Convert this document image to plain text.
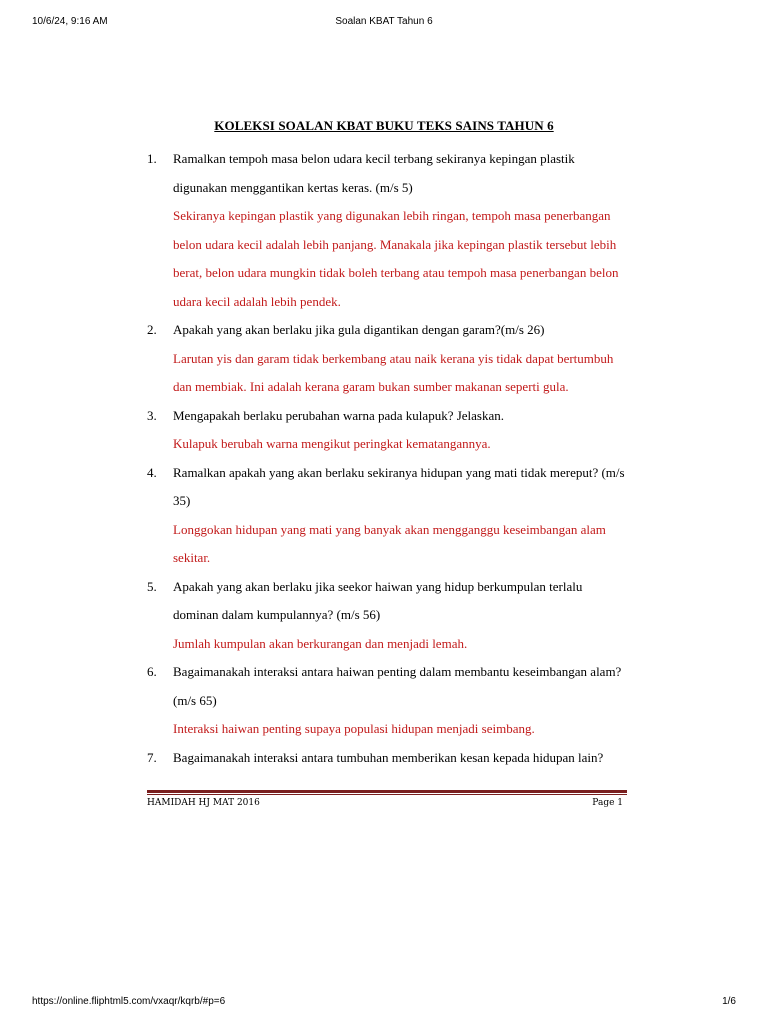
10/6/24, 9:16 AM	Soalan KBAT Tahun 6
KOLEKSI SOALAN KBAT BUKU TEKS SAINS TAHUN 6
1. Ramalkan tempoh masa belon udara kecil terbang sekiranya kepingan plastik digunakan menggantikan kertas keras. (m/s 5)
Sekiranya kepingan plastik yang digunakan lebih ringan, tempoh masa penerbangan belon udara kecil adalah lebih panjang. Manakala jika kepingan plastik tersebut lebih berat, belon udara mungkin tidak boleh terbang atau tempoh masa penerbangan belon udara kecil adalah lebih pendek.
2. Apakah yang akan berlaku jika gula digantikan dengan garam?(m/s 26)
Larutan yis dan garam tidak berkembang atau naik kerana yis tidak dapat bertumbuh dan membiak. Ini adalah kerana garam bukan sumber makanan seperti gula.
3. Mengapakah berlaku perubahan warna pada kulapuk? Jelaskan.
Kulapuk berubah warna mengikut peringkat kematangannya.
4. Ramalkan apakah yang akan berlaku sekiranya hidupan yang mati tidak mereput? (m/s 35)
Longgokan hidupan yang mati yang banyak akan mengganggu keseimbangan alam sekitar.
5. Apakah yang akan berlaku jika seekor haiwan yang hidup berkumpulan terlalu dominan dalam kumpulannya? (m/s 56)
Jumlah kumpulan akan berkurangan dan menjadi lemah.
6. Bagaimanakah interaksi antara haiwan penting dalam membantu keseimbangan alam? (m/s 65)
Interaksi haiwan penting supaya populasi hidupan menjadi seimbang.
7. Bagaimanakah interaksi antara tumbuhan memberikan kesan kepada hidupan lain?
HAMIDAH HJ MAT 2016	Page 1
https://online.fliphtml5.com/vxaqr/kqrb/#p=6	1/6
